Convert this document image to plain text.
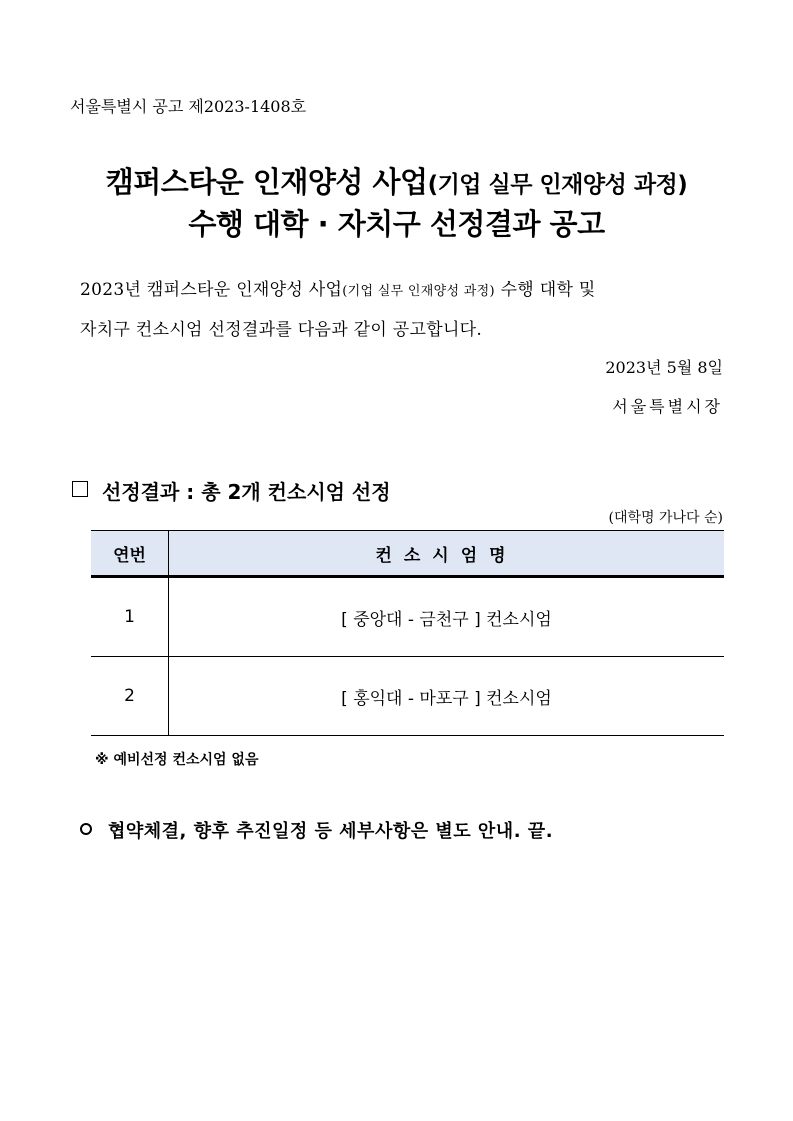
서울특별시 공고 제2023-1408호
캠퍼스타운 인재양성 사업(기업 실무 인재양성 과정)
수행 대학 · 자치구 선정결과 공고
2023년 캠퍼스타운 인재양성 사업(기업 실무 인재양성 과정) 수행 대학 및
자치구 컨소시엄 선정결과를 다음과 같이 공고합니다.
2023년 5월 8일
서울특별시장
선정결과 : 총 2개 컨소시엄 선정
(대학명 가나다 순)
연번	컨소시엄명
1	[ 중앙대 - 금천구 ] 컨소시엄
2	[ 홍익대 - 마포구 ] 컨소시엄
※ 예비선정 컨소시엄 없음
협약체결, 향후 추진일정 등 세부사항은 별도 안내. 끝.
